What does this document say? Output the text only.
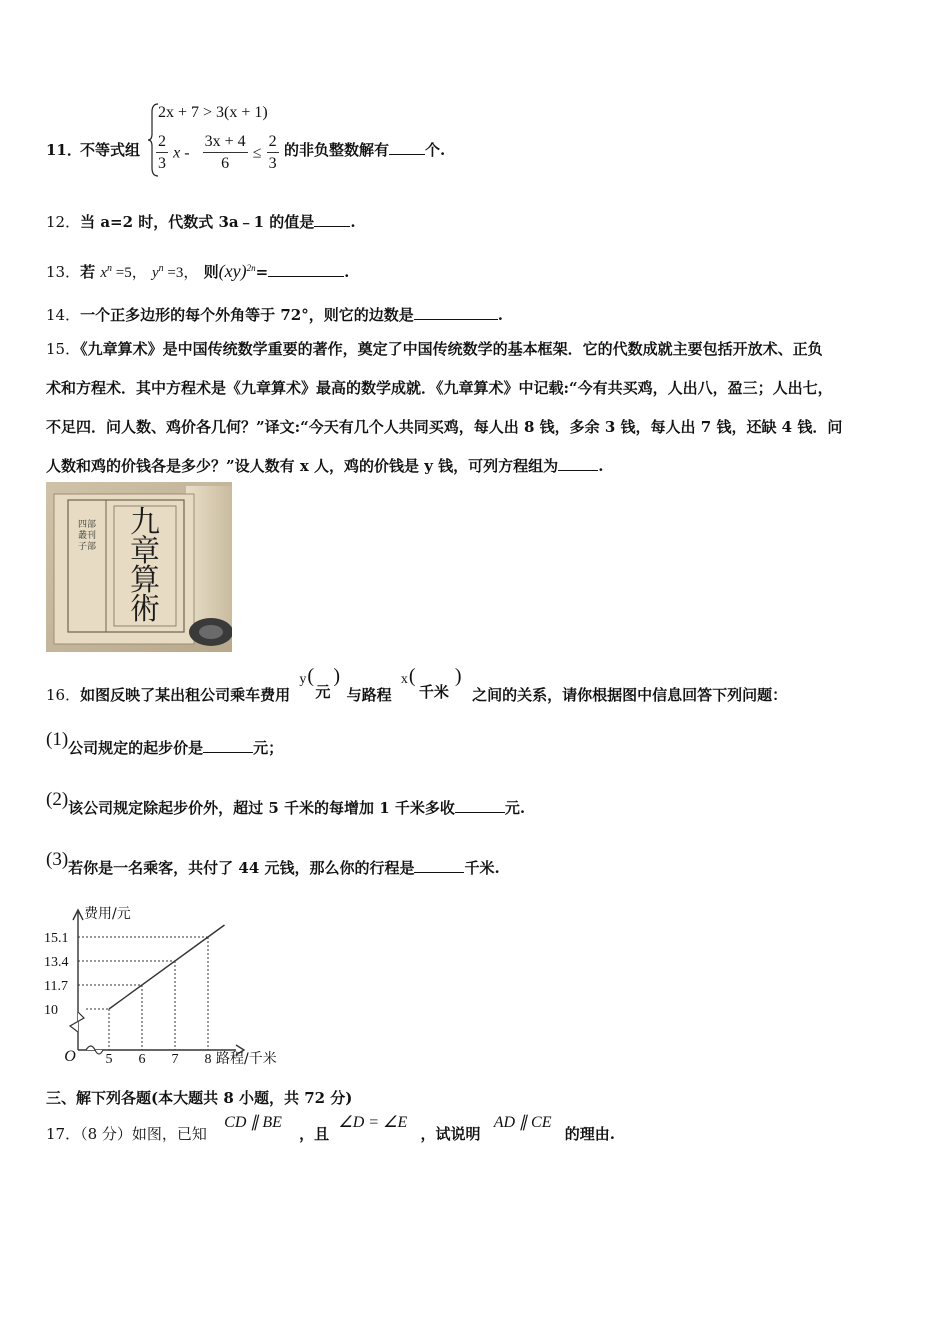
11．
不等式组
2x + 7 > 3(x + 1)
$\frac{2}{3}$ $x - \frac{3x + 4}{6} \le \frac{2}{3}$ 的非负整数解有 个.
12．当 a=2 时，代数式 3a﹣1 的值是 .
13．若 $x^n =5$， $y^n =3$， 则(xy)$^{2n}$=	.
14．一个正多边形的每个外角等于 72°，则它的边数是	.
15．《九章算术》是中国传统数学重要的著作，奠定了中国传统数学的基本框架．它的代数成就主要包括开放术、正负
术和方程术．其中方程术是《九章算术》最高的数学成就．《九章算术》中记载:“今有共买鸡，人出八，盈三；人出七，
不足四．问人数、鸡价各几何？”译文:“今天有几个人共同买鸡，每人出 8 钱，多余 3 钱，每人出 7 钱，还缺 4 钱．问
人数和鸡的价钱各是多少？”设人数有 x 人，鸡的价钱是 y 钱，可列方程组为	.
九章算術
四部叢刊子部
16．如图反映了某出租公司乘车费用
y (
元
)
与路程
x (
千米
)
之间的关系，请你根据图中信息回答下列问题：
(1)公司规定的起步价是	元；
(2)该公司规定除起步价外，超过 5 千米的每增加 1 千米多收	元.
(3)若你是一名乘客，共付了 44 元钱，那么你的行程是	千米.
5 6 7 8
10
11.7
13.4
15.1
O
费用/元
路程/千米
三、解下列各题(本大题共 8 小题，共 72 分)
17．（8 分）如图，已知 CD ∥ BE ，且 ∠D = ∠E ，试说明 AD ∥ CE 的理由.
